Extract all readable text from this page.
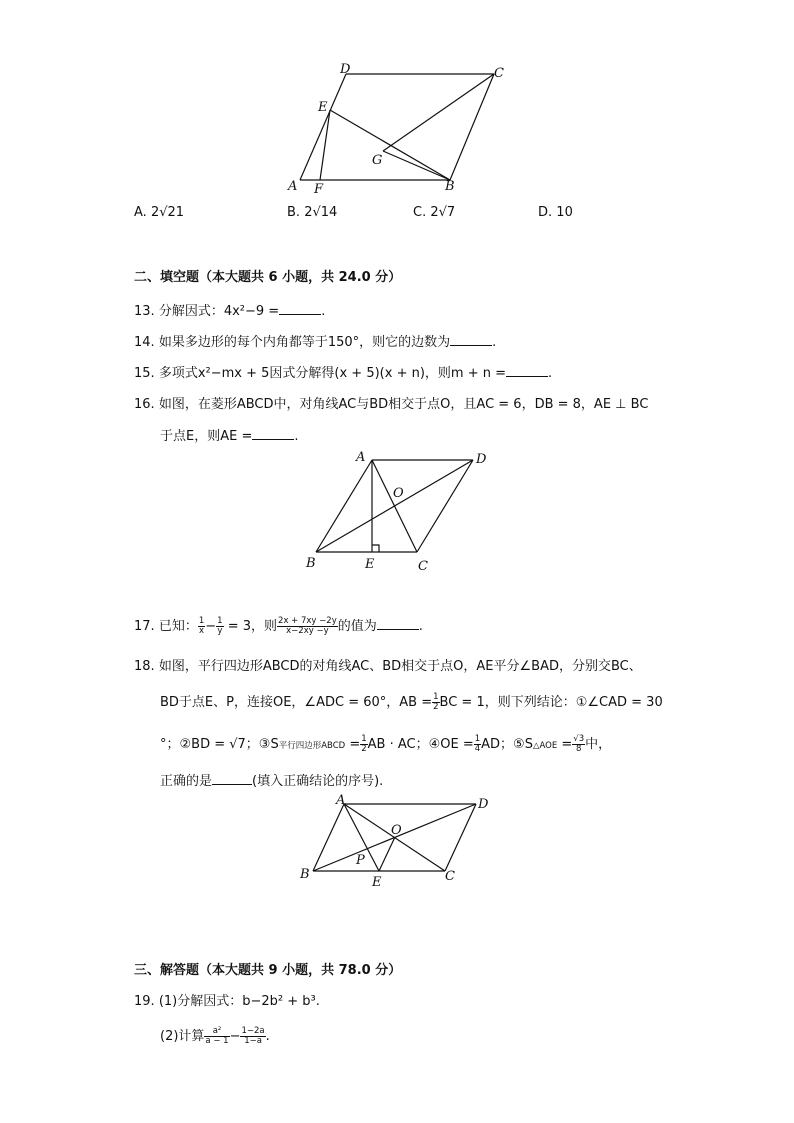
D	C
E
G
A F	B
A. 2√21	B. 2√14	C. 2√7	D. 10
二、填空题（本大题共 6 小题，共 24.0 分）
13. 分解因式：4x²−9 =	.
14. 如果多边形的每个内角都等于150°，则它的边数为	.
15. 多项式x²−mx + 5因式分解得(x + 5)(x + n)，则m + n =	.
16. 如图，在菱形ABCD中，对角线AC与BD相交于点O，且AC = 6，DB = 8，AE ⊥ BC
于点E，则AE =	.
A	D
O
B	E	C
17. 已知： $\frac{1}{x} - \frac{1}{y} = 3$，则 $\frac{2x + 7xy -2y}{x-2xy -y}$ 的值为	.
18. 如图，平行四边形ABCD的对角线AC、BD相交于点O，AE平分∠BAD，分别交BC、
BD于点E、P，连接OE，∠ADC = 60°，AB = $\frac{1}{2}$ BC = 1，则下列结论：①∠CAD = 30
°；②BD = √7；③S平行四边形ABCD = $\frac{1}{2}$ AB · AC；④OE = $\frac{1}{4}$ AD；⑤S△AOE = $\frac{√3}{8}$ 中，
正确的是	(填入正确结论的序号).
A	D
O
P
B
E	C
三、解答题（本大题共 9 小题，共 78.0 分）
19. (1)分解因式：b−2b² + b³.
(2)计算 $\frac{\text{a²}}{a - 1} - \frac{1-2a}{1-a}$ .
